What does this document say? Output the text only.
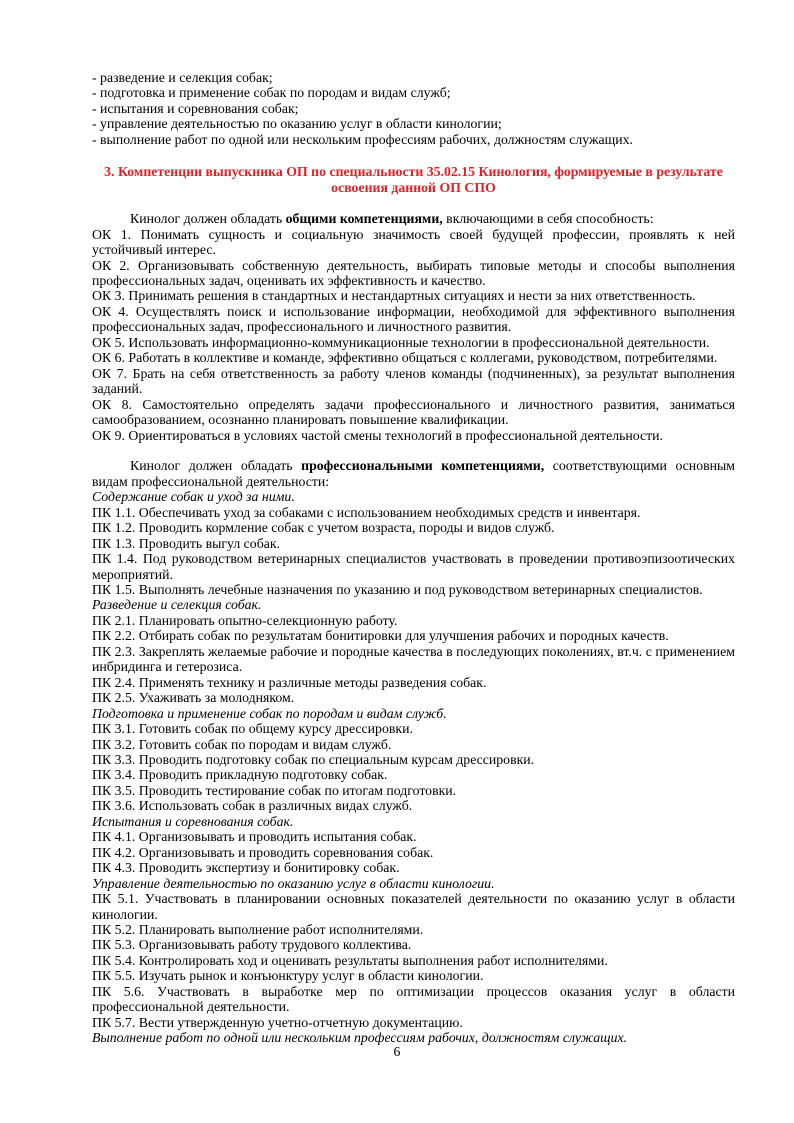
- разведение и селекция собак;

- подготовка и применение собак по породам и видам служб;

- испытания и соревнования собак;

- управление деятельностью по оказанию услуг в области кинологии;

- выполнение работ по одной или нескольким профессиям рабочих, должностям служащих.

3. Компетенции выпускника ОП по специальности 35.02.15 Кинология, формируемые в результате освоения данной ОП СПО

Кинолог должен обладать общими компетенциями, включающими в себя способность:

ОК 1. Понимать сущность и социальную значимость своей будущей профессии, проявлять к ней устойчивый интерес.

ОК 2. Организовывать собственную деятельность, выбирать типовые методы и способы выполнения профессиональных задач, оценивать их эффективность и качество.

ОК 3. Принимать решения в стандартных и нестандартных ситуациях и нести за них ответственность.

ОК 4. Осуществлять поиск и использование информации, необходимой для эффективного выполнения профессиональных задач, профессионального и личностного развития.

ОК 5. Использовать информационно-коммуникационные технологии в профессиональной деятельности.

ОК 6. Работать в коллективе и команде, эффективно общаться с коллегами, руководством, потребителями.

ОК 7. Брать на себя ответственность за работу членов команды (подчиненных), за результат выполнения заданий.

ОК 8. Самостоятельно определять задачи профессионального и личностного развития, заниматься самообразованием, осознанно планировать повышение квалификации.

ОК 9. Ориентироваться в условиях частой смены технологий в профессиональной деятельности.

Кинолог должен обладать профессиональными компетенциями, соответствующими основным видам профессиональной деятельности:

Содержание собак и уход за ними.

ПК 1.1. Обеспечивать уход за собаками с использованием необходимых средств и инвентаря.

ПК 1.2. Проводить кормление собак с учетом возраста, породы и видов служб.

ПК 1.3. Проводить выгул собак.

ПК 1.4. Под руководством ветеринарных специалистов участвовать в проведении противоэпизоотических мероприятий.

ПК 1.5. Выполнять лечебные назначения по указанию и под руководством ветеринарных специалистов.

Разведение и селекция собак.

ПК 2.1. Планировать опытно-селекционную работу.

ПК 2.2. Отбирать собак по результатам бонитировки для улучшения рабочих и породных качеств.

ПК 2.3. Закреплять желаемые рабочие и породные качества в последующих поколениях, вт.ч. с применением инбридинга и гетерозиса.

ПК 2.4. Применять технику и различные методы разведения собак.

ПК 2.5. Ухаживать за молодняком.

Подготовка и применение собак по породам и видам служб.

ПК 3.1. Готовить собак по общему курсу дрессировки.

ПК 3.2. Готовить собак по породам и видам служб.

ПК 3.3. Проводить подготовку собак по специальным курсам дрессировки.

ПК 3.4. Проводить прикладную подготовку собак.

ПК 3.5. Проводить тестирование собак по итогам подготовки.

ПК 3.6. Использовать собак в различных видах служб.

Испытания и соревнования собак.

ПК 4.1. Организовывать и проводить испытания собак.

ПК 4.2. Организовывать и проводить соревнования собак.

ПК 4.3. Проводить экспертизу и бонитировку собак.

Управление деятельностью по оказанию услуг в области кинологии.

ПК 5.1. Участвовать в планировании основных показателей деятельности по оказанию услуг в области кинологии.

ПК 5.2. Планировать выполнение работ исполнителями.

ПК 5.3. Организовывать работу трудового коллектива.

ПК 5.4. Контролировать ход и оценивать результаты выполнения работ исполнителями.

ПК 5.5. Изучать рынок и конъюнктуру услуг в области кинологии.

ПК 5.6. Участвовать в выработке мер по оптимизации процессов оказания услуг в области профессиональной деятельности.

ПК 5.7. Вести утвержденную учетно-отчетную документацию.

Выполнение работ по одной или нескольким профессиям рабочих, должностям служащих.

6
